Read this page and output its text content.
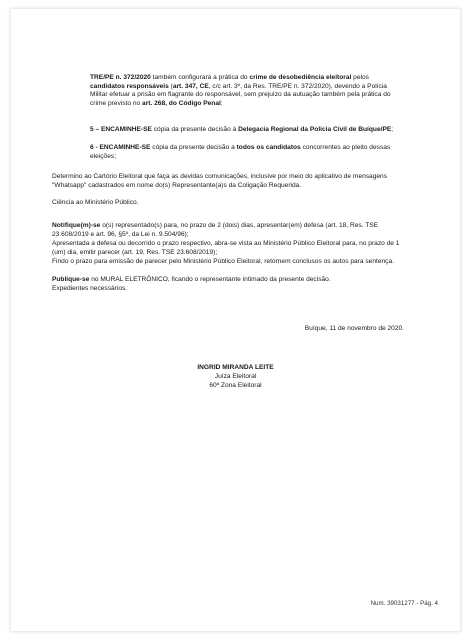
TRE/PE n. 372/2020 também configurará a prática do crime de desobediência eleitoral pelos candidatos responsáveis (art. 347, CE, c/c art. 3º, da Res. TRE/PE n. 372/2020), devendo a Polícia Militar efetuar a prisão em flagrante do responsável, sem prejuízo da autuação também pela prática do crime previsto no art. 268, do Código Penal;
5 – ENCAMINHE-SE cópia da presente decisão à Delegacia Regional da Polícia Civil de Buíque/PE;
6 - ENCAMINHE-SE cópia da presente decisão a todos os candidatos concorrentes ao pleito dessas eleições;
Determino ao Cartório Eleitoral que faça as devidas comunicações, inclusive por meio do aplicativo de mensagens "Whatsapp" cadastrados em nome do(s) Representante(a)s da Coligação Requerida.
Ciência ao Ministério Público.
Notifique(m)-se o(s) representado(s) para, no prazo de 2 (dois) dias, apresentar(em) defesa (art. 18, Res. TSE 23.608/2019 e art. 96, §5º, da Lei n. 9.504/96);
Apresentada a defesa ou decorrido o prazo respectivo, abra-se vista ao Ministério Público Eleitoral para, no prazo de 1 (um) dia, emitir parecer (art. 19, Res. TSE 23.608/2019);
Findo o prazo para emissão de parecer pelo Ministério Público Eleitoral, retornem conclusos os autos para sentença.
Publique-se no MURAL ELETRÔNICO, ficando o representante intimado da presente decisão.
Expedientes necessários.
Buíque, 11 de novembro de 2020.
INGRID MIRANDA LEITE
Juíza Eleitoral
60ª Zona Eleitoral
Num. 39031277 - Pág. 4
